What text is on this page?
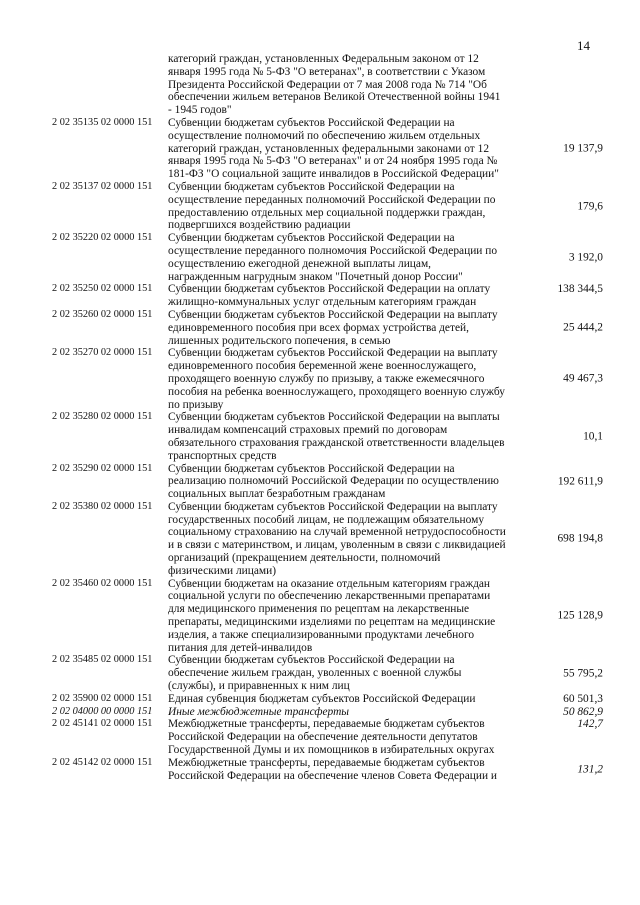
14
категорий граждан, установленных Федеральным законом от 12 января 1995 года № 5-ФЗ "О ветеранах", в соответствии с Указом Президента Российской Федерации от 7 мая 2008 года № 714 "Об обеспечении жильем ветеранов Великой Отечественной войны 1941 - 1945 годов"
2 02 35135 02 0000 151 Субвенции бюджетам субъектов Российской Федерации на осуществление полномочий по обеспечению жильем отдельных категорий граждан, установленных федеральными законами от 12 января 1995 года № 5-ФЗ "О ветеранах" и от 24 ноября 1995 года № 181-ФЗ "О социальной защите инвалидов в Российской Федерации"
19 137,9
2 02 35137 02 0000 151 Субвенции бюджетам субъектов Российской Федерации на осуществление переданных полномочий Российской Федерации по предоставлению отдельных мер социальной поддержки граждан, подвергшихся воздействию радиации
179,6
2 02 35220 02 0000 151 Субвенции бюджетам субъектов Российской Федерации на осуществление переданного полномочия Российской Федерации по осуществлению ежегодной денежной выплаты лицам, награжденным нагрудным знаком "Почетный донор России"
3 192,0
2 02 35250 02 0000 151 Субвенции бюджетам субъектов Российской Федерации на оплату жилищно-коммунальных услуг отдельным категориям граждан
138 344,5
2 02 35260 02 0000 151 Субвенции бюджетам субъектов Российской Федерации на выплату единовременного пособия при всех формах устройства детей, лишенных родительского попечения, в семью
25 444,2
2 02 35270 02 0000 151 Субвенции бюджетам субъектов Российской Федерации на выплату единовременного пособия беременной жене военнослужащего, проходящего военную службу по призыву, а также ежемесячного пособия на ребенка военнослужащего, проходящего военную службу по призыву
49 467,3
2 02 35280 02 0000 151 Субвенции бюджетам субъектов Российской Федерации на выплаты инвалидам компенсаций страховых премий по договорам обязательного страхования гражданской ответственности владельцев транспортных средств
10,1
2 02 35290 02 0000 151 Субвенции бюджетам субъектов Российской Федерации на реализацию полномочий Российской Федерации по осуществлению социальных выплат безработным гражданам
192 611,9
2 02 35380 02 0000 151 Субвенции бюджетам субъектов Российской Федерации на выплату государственных пособий лицам, не подлежащим обязательному социальному страхованию на случай временной нетрудоспособности и в связи с материнством, и лицам, уволенным в связи с ликвидацией организаций (прекращением деятельности, полномочий физическими лицами)
698 194,8
2 02 35460 02 0000 151 Субвенции бюджетам на оказание отдельным категориям граждан социальной услуги по обеспечению лекарственными препаратами для медицинского применения по рецептам на лекарственные препараты, медицинскими изделиями по рецептам на медицинские изделия, а также специализированными продуктами лечебного питания для детей-инвалидов
125 128,9
2 02 35485 02 0000 151 Субвенции бюджетам субъектов Российской Федерации на обеспечение жильем граждан, уволенных с военной службы (службы), и приравненных к ним лиц
55 795,2
2 02 35900 02 0000 151 Единая субвенция бюджетам субъектов Российской Федерации	60 501,3
2 02 04000 00 0000 151 Иные межбюджетные трансферты	50 862,9
2 02 45141 02 0000 151 Межбюджетные трансферты, передаваемые бюджетам субъектов Российской Федерации на обеспечение деятельности депутатов Государственной Думы и их помощников в избирательных округах
142,7
2 02 45142 02 0000 151 Межбюджетные трансферты, передаваемые бюджетам субъектов Российской Федерации на обеспечение членов Совета Федерации и
131,2
